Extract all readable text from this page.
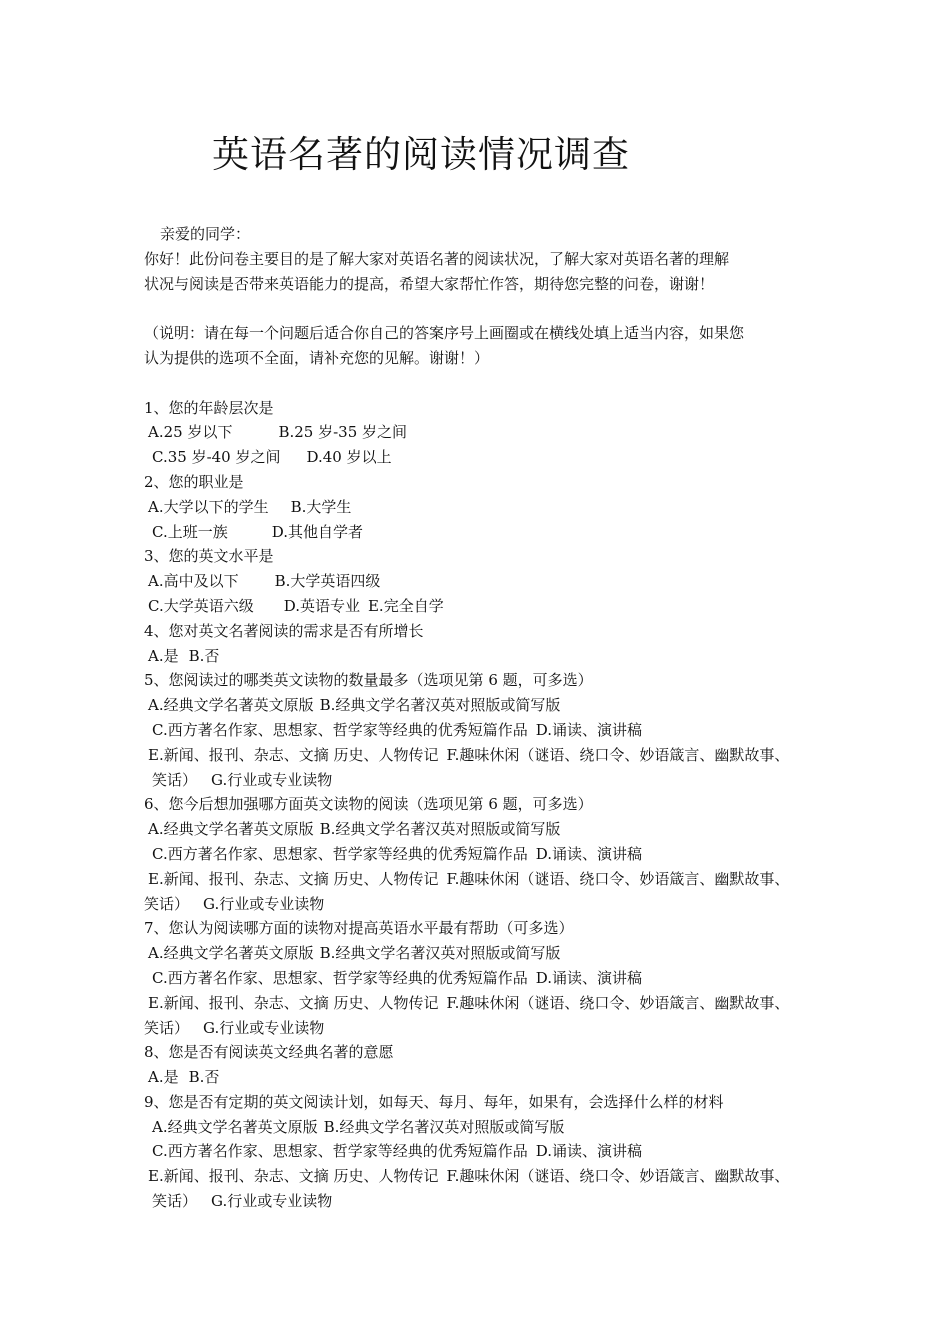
英语名著的阅读情况调查
亲爱的同学：
你好！此份问卷主要目的是了解大家对英语名著的阅读状况，了解大家对英语名著的理解
状况与阅读是否带来英语能力的提高，希望大家帮忙作答，期待您完整的问卷，谢谢！
（说明：请在每一个问题后适合你自己的答案序号上画圈或在横线处填上适当内容，如果您
认为提供的选项不全面，请补充您的见解。谢谢！）
1、您的年龄层次是
A.25 岁以下	B.25 岁-35 岁之间
C.35 岁-40 岁之间 D.40 岁以上
2、您的职业是
A.大学以下的学生 B.大学生
C.上班一族	D.其他自学者
3、您的英文水平是
A.高中及以下 B.大学英语四级
C.大学英语六级 D.英语专业 E.完全自学
4、您对英文名著阅读的需求是否有所增长
A.是 B.否
5、您阅读过的哪类英文读物的数量最多（选项见第 6 题，可多选）
A.经典文学名著英文原版 B.经典文学名著汉英对照版或简写版
C.西方著名作家、思想家、哲学家等经典的优秀短篇作品 D.诵读、演讲稿
E.新闻、报刊、杂志、文摘 历史、人物传记 F.趣味休闲（谜语、绕口令、妙语箴言、幽默故事、
笑话） G.行业或专业读物
6、您今后想加强哪方面英文读物的阅读（选项见第 6 题，可多选）
A.经典文学名著英文原版 B.经典文学名著汉英对照版或简写版
C.西方著名作家、思想家、哲学家等经典的优秀短篇作品 D.诵读、演讲稿
E.新闻、报刊、杂志、文摘 历史、人物传记 F.趣味休闲（谜语、绕口令、妙语箴言、幽默故事、
笑话） G.行业或专业读物
7、您认为阅读哪方面的读物对提高英语水平最有帮助（可多选）
A.经典文学名著英文原版 B.经典文学名著汉英对照版或简写版
C.西方著名作家、思想家、哲学家等经典的优秀短篇作品 D.诵读、演讲稿
E.新闻、报刊、杂志、文摘 历史、人物传记 F.趣味休闲（谜语、绕口令、妙语箴言、幽默故事、
笑话） G.行业或专业读物
8、您是否有阅读英文经典名著的意愿
A.是 B.否
9、您是否有定期的英文阅读计划，如每天、每月、每年，如果有，会选择什么样的材料
A.经典文学名著英文原版 B.经典文学名著汉英对照版或简写版
C.西方著名作家、思想家、哲学家等经典的优秀短篇作品 D.诵读、演讲稿
E.新闻、报刊、杂志、文摘 历史、人物传记 F.趣味休闲（谜语、绕口令、妙语箴言、幽默故事、
笑话） G.行业或专业读物
